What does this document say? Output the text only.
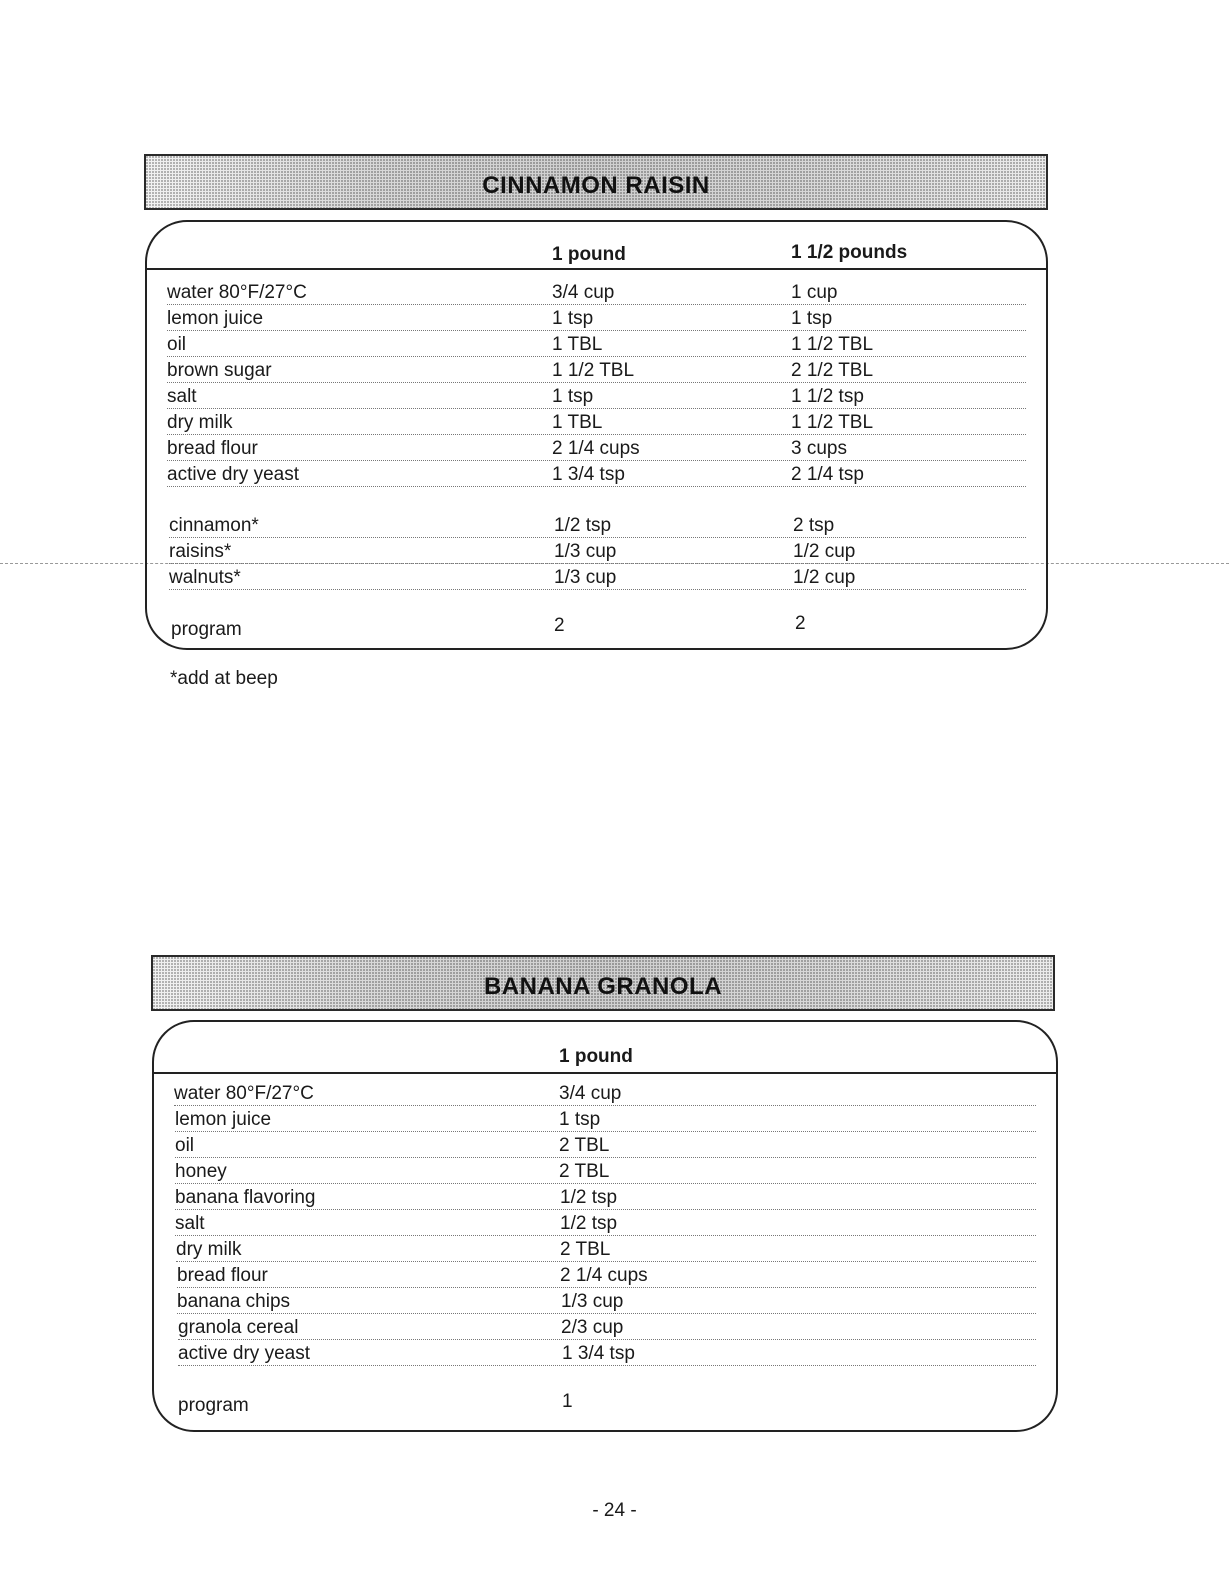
CINNAMON RAISIN
1 pound	1 1/2 pounds
water 80°F/27°C	3/4 cup	1 cup
lemon juice	1 tsp	1 tsp
oil	1 TBL	1 1/2 TBL
brown sugar	1 1/2 TBL	2 1/2 TBL
salt	1 tsp	1 1/2 tsp
dry milk	1 TBL	1 1/2 TBL
bread flour	2 1/4 cups	3 cups
active dry yeast	1 3/4 tsp	2 1/4 tsp
cinnamon*	1/2 tsp	2 tsp
raisins*	1/3 cup	1/2 cup
walnuts*	1/3 cup	1/2 cup
program	2	2
*add at beep
BANANA GRANOLA
1 pound
water 80°F/27°C	3/4 cup
lemon juice	1 tsp
oil	2 TBL
honey	2 TBL
banana flavoring	1/2 tsp
salt	1/2 tsp
dry milk	2 TBL
bread flour	2 1/4 cups
banana chips	1/3 cup
granola cereal	2/3 cup
active dry yeast	1 3/4 tsp
program	1
- 24 -
